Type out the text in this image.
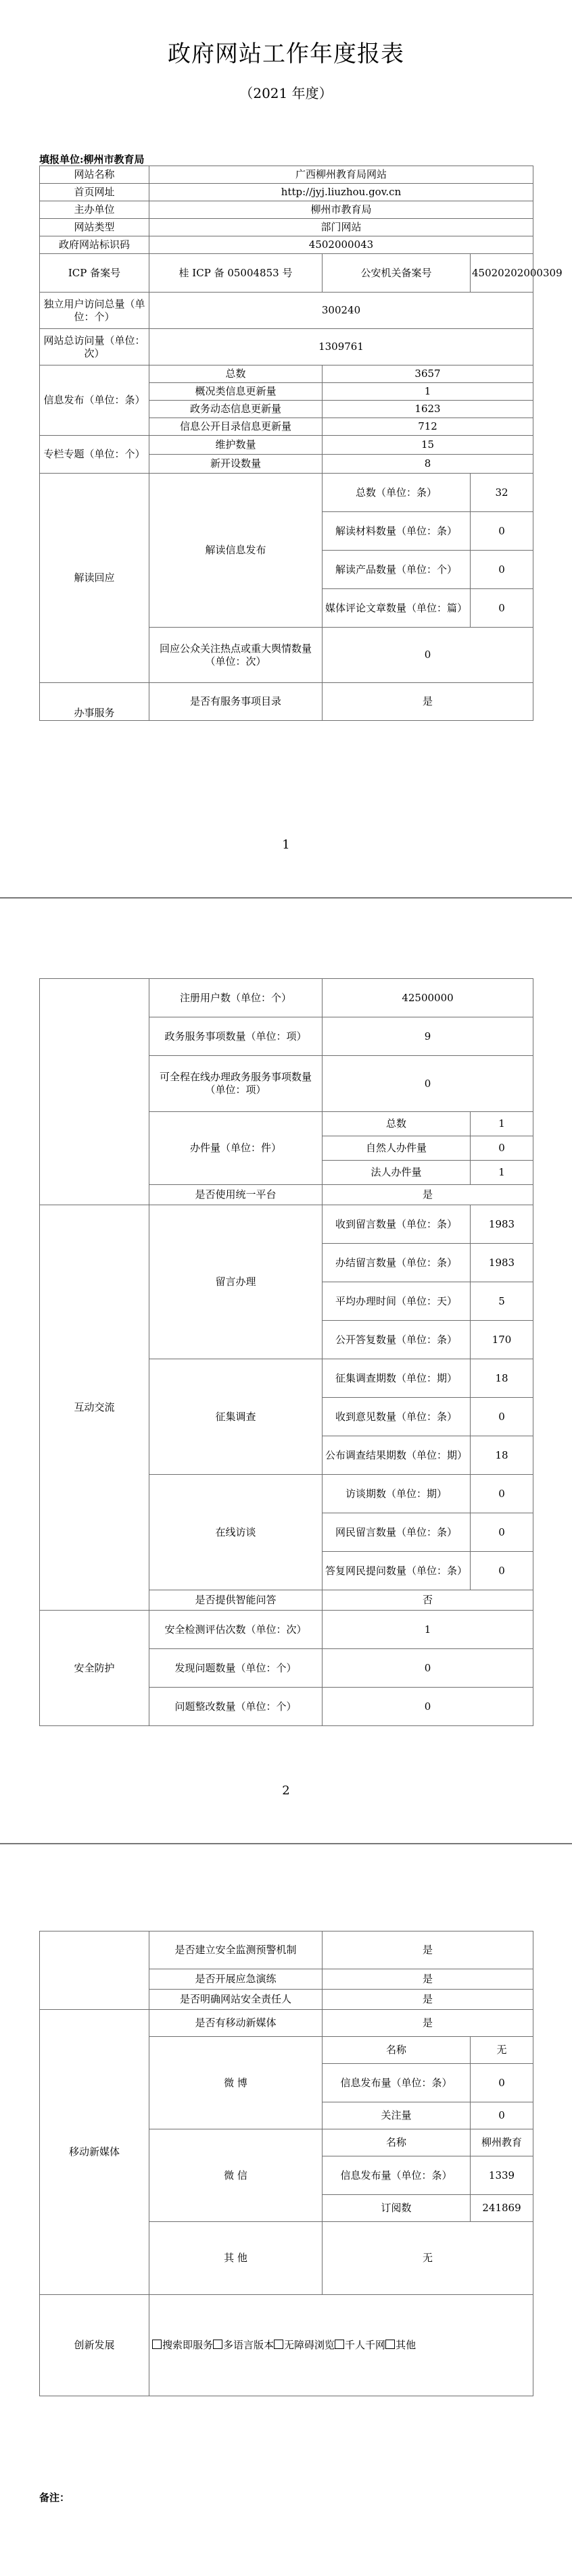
政府网站工作年度报表
（2021 年度）
填报单位:柳州市教育局
网站名称	广西柳州教育局网站		
首页网址	http://jyj.liuzhou.gov.cn		
主办单位	柳州市教育局		
网站类型	部门网站		
政府网站标识码	4502000043		
ICP 备案号	桂 ICP 备 05004853 号	公安机关备案号	45020202000309
独立用户访问总量（单位：个）	300240		
网站总访问量（单位：次）	1309761		
信息发布（单位：条）	总数	3657	
	概况类信息更新量	1	
	政务动态信息更新量	1623	
	信息公开目录信息更新量	712	
专栏专题（单位：个）	维护数量	15	
	新开设数量	8	
解读回应	解读信息发布	总数（单位：条）	32
		解读材料数量（单位：条）	0
		解读产品数量（单位：个）	0
		媒体评论文章数量（单位：篇）	0
	回应公众关注热点或重大舆情数量（单位：次）	0	
办事服务	是否有服务事项目录	是	
1
	注册用户数（单位：个）	42500000	
	政务服务事项数量（单位：项）	9	
	可全程在线办理政务服务事项数量（单位：项）	0	
	办件量（单位：件）	总数	1
		自然人办件量	0
		法人办件量	1
	是否使用统一平台	是	
互动交流	留言办理	收到留言数量（单位：条）	1983
		办结留言数量（单位：条）	1983
		平均办理时间（单位：天）	5
		公开答复数量（单位：条）	170
	征集调查	征集调查期数（单位：期）	18
		收到意见数量（单位：条）	0
		公布调查结果期数（单位：期）	18
	在线访谈	访谈期数（单位：期）	0
		网民留言数量（单位：条）	0
		答复网民提问数量（单位：条）	0
	是否提供智能问答	否	
安全防护	安全检测评估次数（单位：次）	1	
	发现问题数量（单位：个）	0	
	问题整改数量（单位：个）	0	
2
	是否建立安全监测预警机制	是	
	是否开展应急演练	是	
	是否明确网站安全责任人	是	
移动新媒体	是否有移动新媒体	是	
	微 博	名称	无
		信息发布量（单位：条）	0
		关注量	0
	微 信	名称	柳州教育
		信息发布量（单位：条）	1339
		订阅数	241869
	其 他	无	
创新发展	搜索即服务 多语言版本 无障碍浏览 千人千网 其他		
备注：
